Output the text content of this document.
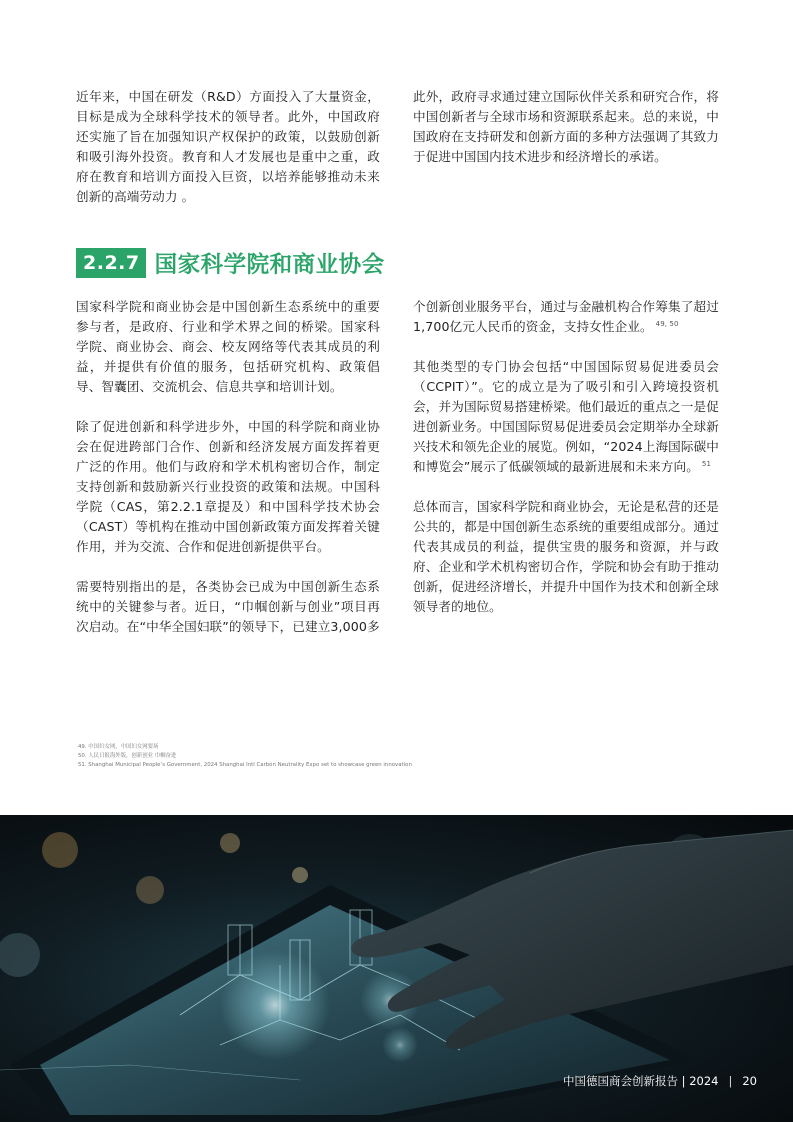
近年来，中国在研发（R&D）方面投入了大量资金，目标是成为全球科学技术的领导者。此外，中国政府还实施了旨在加强知识产权保护的政策，以鼓励创新和吸引海外投资。教育和人才发展也是重中之重，政府在教育和培训方面投入巨资，以培养能够推动未来创新的高端劳动力 。

此外，政府寻求通过建立国际伙伴关系和研究合作，将中国创新者与全球市场和资源联系起来。总的来说，中国政府在支持研发和创新方面的多种方法强调了其致力于促进中国国内技术进步和经济增长的承诺。

2.2.7 国家科学院和商业协会

国家科学院和商业协会是中国创新生态系统中的重要参与者，是政府、行业和学术界之间的桥梁。国家科学院、商业协会、商会、校友网络等代表其成员的利益，并提供有价值的服务，包括研究机构、政策倡导、智囊团、交流机会、信息共享和培训计划。

除了促进创新和科学进步外，中国的科学院和商业协会在促进跨部门合作、创新和经济发展方面发挥着更广泛的作用。他们与政府和学术机构密切合作，制定支持创新和鼓励新兴行业投资的政策和法规。中国科学院（CAS，第2.2.1章提及）和中国科学技术协会（CAST）等机构在推动中国创新政策方面发挥着关键作用，并为交流、合作和促进创新提供平台。

需要特别指出的是，各类协会已成为中国创新生态系统中的关键参与者。近日，“巾帼创新与创业”项目再次启动。在“中华全国妇联”的领导下，已建立3,000多

个创新创业服务平台，通过与金融机构合作筹集了超过1,700亿元人民币的资金，支持女性企业。 $^{49, 50}$

其他类型的专门协会包括“中国国际贸易促进委员会（CCPIT）”。它的成立是为了吸引和引入跨境投资机会，并为国际贸易搭建桥梁。他们最近的重点之一是促进创新业务。中国国际贸易促进委员会定期举办全球新兴技术和领先企业的展览。例如，“2024上海国际碳中和博览会”展示了低碳领域的最新进展和未来方向。 $^{51}$

总体而言，国家科学院和商业协会，无论是私营的还是公共的，都是中国创新生态系统的重要组成部分。通过代表其成员的利益，提供宝贵的服务和资源，并与政府、企业和学术机构密切合作，学院和协会有助于推动创新，促进经济增长，并提升中国作为技术和创新全球领导者的地位。

49. 中国妇女网，中国妇女网要场
50. 人民日报海外版，创新创业 巾帼奋进
51. Shanghai Municipal People’s Government, 2024 Shanghai Intl Carbon Neutrality Expo set to showcase green innovation
中国德国商会创新报告 | 2024 | 20
